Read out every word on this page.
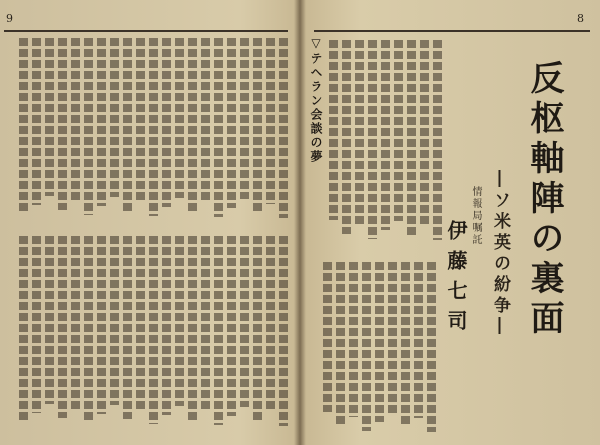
9	8
反枢軸陣の裏面
―ソ米英の紛争―
情報局嘱託
伊藤七司
▽テヘラン会談の夢
